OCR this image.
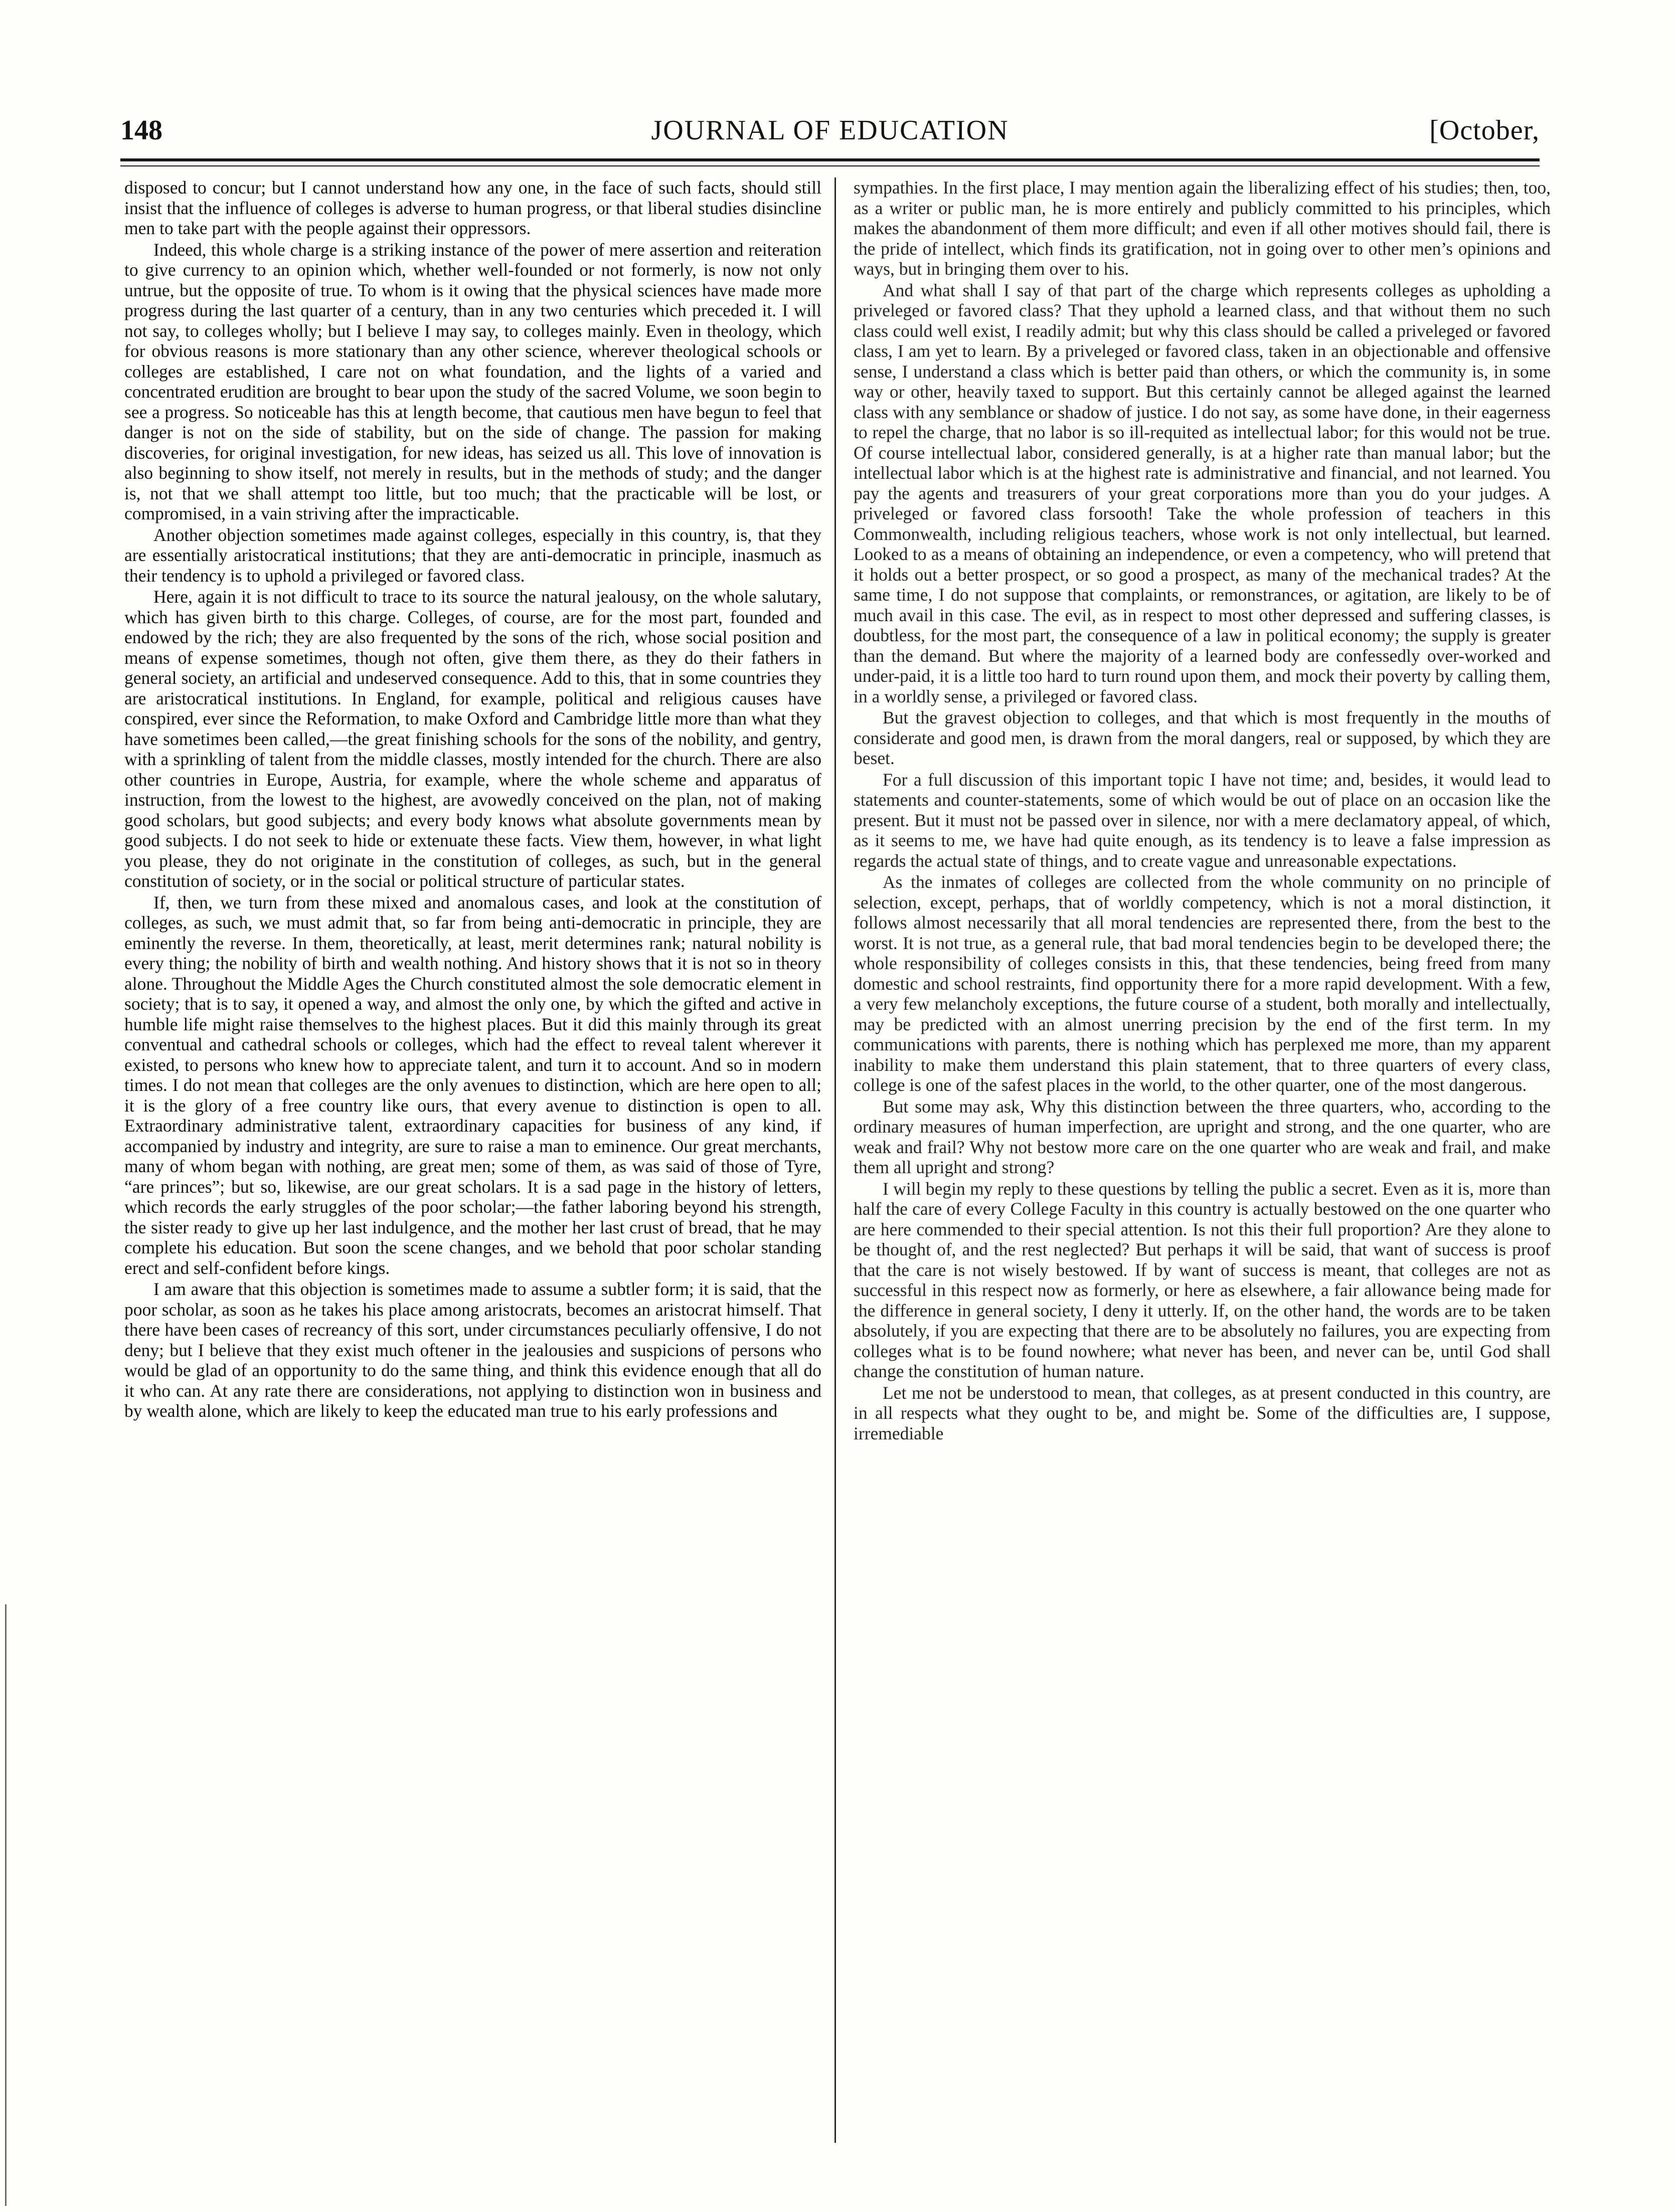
148	JOURNAL OF EDUCATION	[October,

disposed to concur; but I cannot understand how any one, in the face of such facts, should still insist that the influence of colleges is adverse to human progress, or that liberal studies disincline men to take part with the people against their oppressors.

Indeed, this whole charge is a striking instance of the power of mere assertion and reiteration to give currency to an opinion which, whether well-founded or not formerly, is now not only untrue, but the opposite of true. To whom is it owing that the physical sciences have made more progress during the last quarter of a century, than in any two centuries which preceded it. I will not say, to colleges wholly; but I believe I may say, to colleges mainly. Even in theology, which for obvious reasons is more stationary than any other science, wherever theological schools or colleges are established, I care not on what foundation, and the lights of a varied and concentrated erudition are brought to bear upon the study of the sacred Volume, we soon begin to see a progress. So noticeable has this at length become, that cautious men have begun to feel that danger is not on the side of stability, but on the side of change. The passion for making discoveries, for original investigation, for new ideas, has seized us all. This love of innovation is also beginning to show itself, not merely in results, but in the methods of study; and the danger is, not that we shall attempt too little, but too much; that the practicable will be lost, or compromised, in a vain striving after the impracticable.

Another objection sometimes made against colleges, especially in this country, is, that they are essentially aristocratical institutions; that they are anti-democratic in principle, inasmuch as their tendency is to uphold a privileged or favored class.

Here, again it is not difficult to trace to its source the natural jealousy, on the whole salutary, which has given birth to this charge. Colleges, of course, are for the most part, founded and endowed by the rich; they are also frequented by the sons of the rich, whose social position and means of expense sometimes, though not often, give them there, as they do their fathers in general society, an artificial and undeserved consequence. Add to this, that in some countries they are aristocratical institutions. In England, for example, political and religious causes have conspired, ever since the Reformation, to make Oxford and Cambridge little more than what they have sometimes been called,—the great finishing schools for the sons of the nobility, and gentry, with a sprinkling of talent from the middle classes, mostly intended for the church. There are also other countries in Europe, Austria, for example, where the whole scheme and apparatus of instruction, from the lowest to the highest, are avowedly conceived on the plan, not of making good scholars, but good subjects; and every body knows what absolute governments mean by good subjects. I do not seek to hide or extenuate these facts. View them, however, in what light you please, they do not originate in the constitution of colleges, as such, but in the general constitution of society, or in the social or political structure of particular states.

If, then, we turn from these mixed and anomalous cases, and look at the constitution of colleges, as such, we must admit that, so far from being anti-democratic in principle, they are eminently the reverse. In them, theoretically, at least, merit determines rank; natural nobility is every thing; the nobility of birth and wealth nothing. And history shows that it is not so in theory alone. Throughout the Middle Ages the Church constituted almost the sole democratic element in society; that is to say, it opened a way, and almost the only one, by which the gifted and active in humble life might raise themselves to the highest places. But it did this mainly through its great conventual and cathedral schools or colleges, which had the effect to reveal talent wherever it existed, to persons who knew how to appreciate talent, and turn it to account. And so in modern times. I do not mean that colleges are the only avenues to distinction, which are here open to all; it is the glory of a free country like ours, that every avenue to distinction is open to all. Extraordinary administrative talent, extraordinary capacities for business of any kind, if accompanied by industry and integrity, are sure to raise a man to eminence. Our great merchants, many of whom began with nothing, are great men; some of them, as was said of those of Tyre, “are princes”; but so, likewise, are our great scholars. It is a sad page in the history of letters, which records the early struggles of the poor scholar;—the father laboring beyond his strength, the sister ready to give up her last indulgence, and the mother her last crust of bread, that he may complete his education. But soon the scene changes, and we behold that poor scholar standing erect and self-confident before kings.

I am aware that this objection is sometimes made to assume a subtler form; it is said, that the poor scholar, as soon as he takes his place among aristocrats, becomes an aristocrat himself. That there have been cases of recreancy of this sort, under circumstances peculiarly offensive, I do not deny; but I believe that they exist much oftener in the jealousies and suspicions of persons who would be glad of an opportunity to do the same thing, and think this evidence enough that all do it who can. At any rate there are considerations, not applying to distinction won in business and by wealth alone, which are likely to keep the educated man true to his early professions and

sympathies. In the first place, I may mention again the liberalizing effect of his studies; then, too, as a writer or public man, he is more entirely and publicly committed to his principles, which makes the abandonment of them more difficult; and even if all other motives should fail, there is the pride of intellect, which finds its gratification, not in going over to other men’s opinions and ways, but in bringing them over to his.

And what shall I say of that part of the charge which represents colleges as upholding a priveleged or favored class? That they uphold a learned class, and that without them no such class could well exist, I readily admit; but why this class should be called a priveleged or favored class, I am yet to learn. By a priveleged or favored class, taken in an objectionable and offensive sense, I understand a class which is better paid than others, or which the community is, in some way or other, heavily taxed to support. But this certainly cannot be alleged against the learned class with any semblance or shadow of justice. I do not say, as some have done, in their eagerness to repel the charge, that no labor is so ill-requited as intellectual labor; for this would not be true. Of course intellectual labor, considered generally, is at a higher rate than manual labor; but the intellectual labor which is at the highest rate is administrative and financial, and not learned. You pay the agents and treasurers of your great corporations more than you do your judges. A priveleged or favored class forsooth! Take the whole profession of teachers in this Commonwealth, including religious teachers, whose work is not only intellectual, but learned. Looked to as a means of obtaining an independence, or even a competency, who will pretend that it holds out a better prospect, or so good a prospect, as many of the mechanical trades? At the same time, I do not suppose that complaints, or remonstrances, or agitation, are likely to be of much avail in this case. The evil, as in respect to most other depressed and suffering classes, is doubtless, for the most part, the consequence of a law in political economy; the supply is greater than the demand. But where the majority of a learned body are confessedly over-worked and under-paid, it is a little too hard to turn round upon them, and mock their poverty by calling them, in a worldly sense, a privileged or favored class.

But the gravest objection to colleges, and that which is most frequently in the mouths of considerate and good men, is drawn from the moral dangers, real or supposed, by which they are beset.

For a full discussion of this important topic I have not time; and, besides, it would lead to statements and counter-statements, some of which would be out of place on an occasion like the present. But it must not be passed over in silence, nor with a mere declamatory appeal, of which, as it seems to me, we have had quite enough, as its tendency is to leave a false impression as regards the actual state of things, and to create vague and unreasonable expectations.

As the inmates of colleges are collected from the whole community on no principle of selection, except, perhaps, that of worldly competency, which is not a moral distinction, it follows almost necessarily that all moral tendencies are represented there, from the best to the worst. It is not true, as a general rule, that bad moral tendencies begin to be developed there; the whole responsibility of colleges consists in this, that these tendencies, being freed from many domestic and school restraints, find opportunity there for a more rapid development. With a few, a very few melancholy exceptions, the future course of a student, both morally and intellectually, may be predicted with an almost unerring precision by the end of the first term. In my communications with parents, there is nothing which has perplexed me more, than my apparent inability to make them understand this plain statement, that to three quarters of every class, college is one of the safest places in the world, to the other quarter, one of the most dangerous.

But some may ask, Why this distinction between the three quarters, who, according to the ordinary measures of human imperfection, are upright and strong, and the one quarter, who are weak and frail? Why not bestow more care on the one quarter who are weak and frail, and make them all upright and strong?

I will begin my reply to these questions by telling the public a secret. Even as it is, more than half the care of every College Faculty in this country is actually bestowed on the one quarter who are here commended to their special attention. Is not this their full proportion? Are they alone to be thought of, and the rest neglected? But perhaps it will be said, that want of success is proof that the care is not wisely bestowed. If by want of success is meant, that colleges are not as successful in this respect now as formerly, or here as elsewhere, a fair allowance being made for the difference in general society, I deny it utterly. If, on the other hand, the words are to be taken absolutely, if you are expecting that there are to be absolutely no failures, you are expecting from colleges what is to be found nowhere; what never has been, and never can be, until God shall change the constitution of human nature.

Let me not be understood to mean, that colleges, as at present conducted in this country, are in all respects what they ought to be, and might be. Some of the difficulties are, I suppose, irremediable
